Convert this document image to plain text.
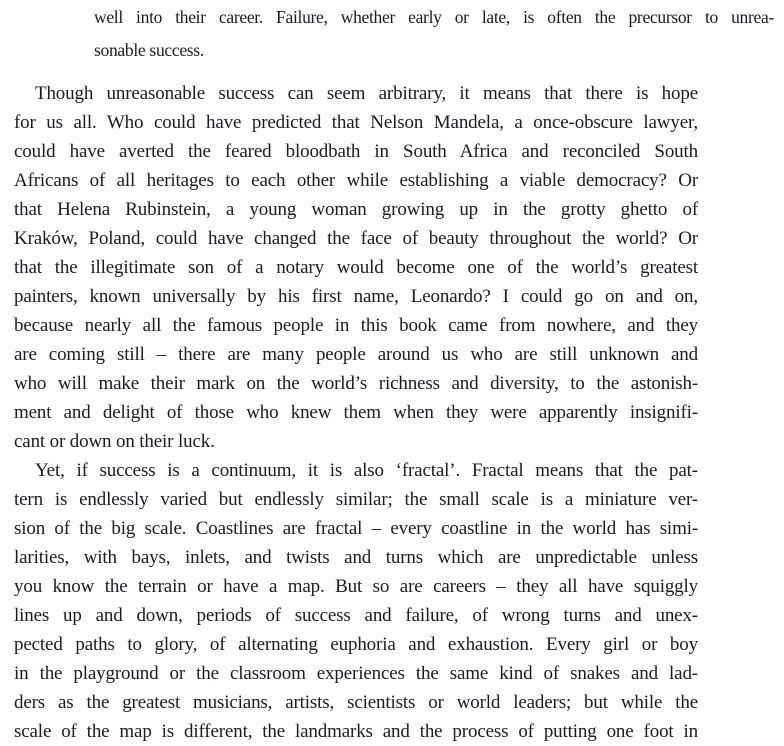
well into their career. Failure, whether early or late, is often the precursor to unrea-
sonable success.
Though unreasonable success can seem arbitrary, it means that there is hope
for us all. Who could have predicted that Nelson Mandela, a once-obscure lawyer,
could have averted the feared bloodbath in South Africa and reconciled South
Africans of all heritages to each other while establishing a viable democracy? Or
that Helena Rubinstein, a young woman growing up in the grotty ghetto of
Kraków, Poland, could have changed the face of beauty throughout the world? Or
that the illegitimate son of a notary would become one of the world’s greatest
painters, known universally by his first name, Leonardo? I could go on and on,
because nearly all the famous people in this book came from nowhere, and they
are coming still – there are many people around us who are still unknown and
who will make their mark on the world’s richness and diversity, to the astonish-
ment and delight of those who knew them when they were apparently insignifi-
cant or down on their luck.
Yet, if success is a continuum, it is also ‘fractal’. Fractal means that the pat-
tern is endlessly varied but endlessly similar; the small scale is a miniature ver-
sion of the big scale. Coastlines are fractal – every coastline in the world has simi-
larities, with bays, inlets, and twists and turns which are unpredictable unless
you know the terrain or have a map. But so are careers – they all have squiggly
lines up and down, periods of success and failure, of wrong turns and unex-
pected paths to glory, of alternating euphoria and exhaustion. Every girl or boy
in the playground or the classroom experiences the same kind of snakes and lad-
ders as the greatest musicians, artists, scientists or world leaders; but while the
scale of the map is different, the landmarks and the process of putting one foot in
